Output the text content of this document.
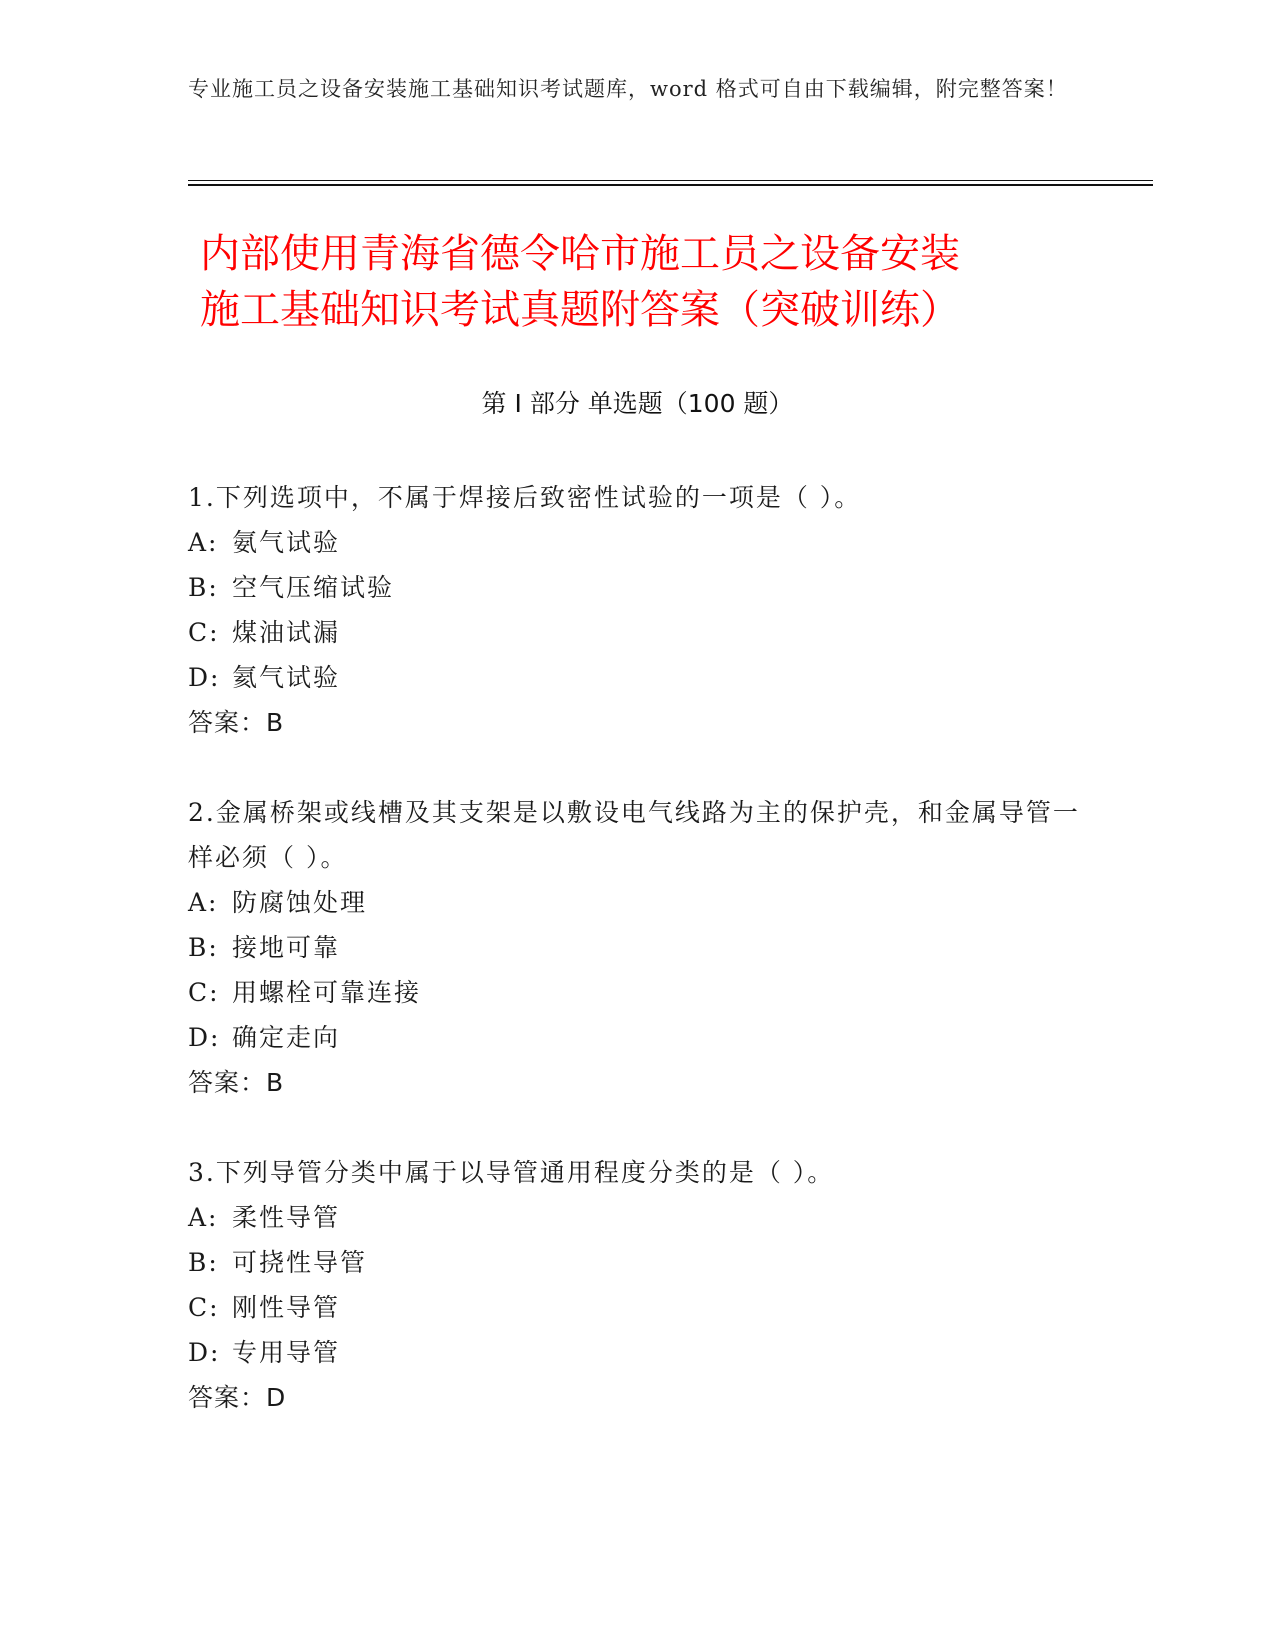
专业施工员之设备安装施工基础知识考试题库，word 格式可自由下载编辑，附完整答案！
内部使用青海省德令哈市施工员之设备安装
施工基础知识考试真题附答案（突破训练）
第 I 部分 单选题（100 题）
1.下列选项中，不属于焊接后致密性试验的一项是（ ）。
A: 氨气试验
B: 空气压缩试验
C: 煤油试漏
D: 氦气试验
答案：B
2.金属桥架或线槽及其支架是以敷设电气线路为主的保护壳，和金属导管一样必须（ ）。
A: 防腐蚀处理
B: 接地可靠
C: 用螺栓可靠连接
D: 确定走向
答案：B
3.下列导管分类中属于以导管通用程度分类的是（ ）。
A: 柔性导管
B: 可挠性导管
C: 刚性导管
D: 专用导管
答案：D
